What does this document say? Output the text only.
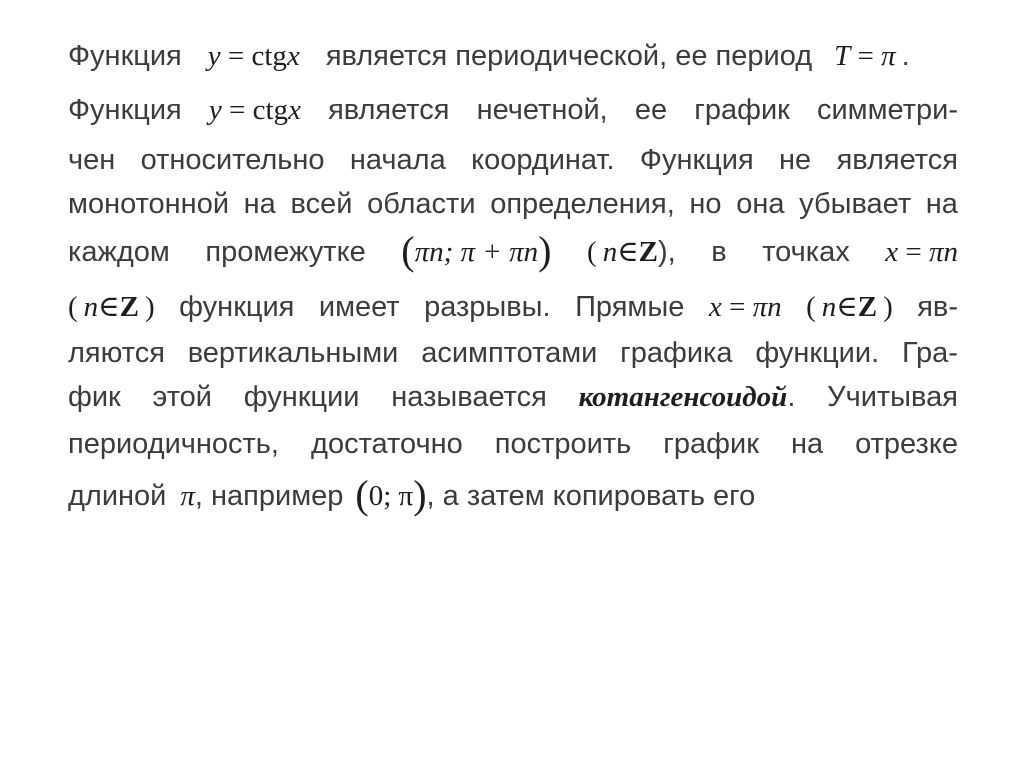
Функция y = ctgx является периодической, ее период T = π .
Функция y = ctgx является нечетной, ее график симметри-
чен относительно начала координат. Функция не является
монотонной на всей области определения, но она убывает на
каждом промежутке (πn; π + πn) ( n∈Z), в точках x = πn
( n∈Z ) функция имеет разрывы. Прямые x = πn ( n∈Z ) яв-
ляются вертикальными асимптотами графика функции. Гра-
фик этой функции называется котангенсоидой. Учитывая
периодичность, достаточно построить график на отрезке
длиной π, например (0; π), а затем копировать его
